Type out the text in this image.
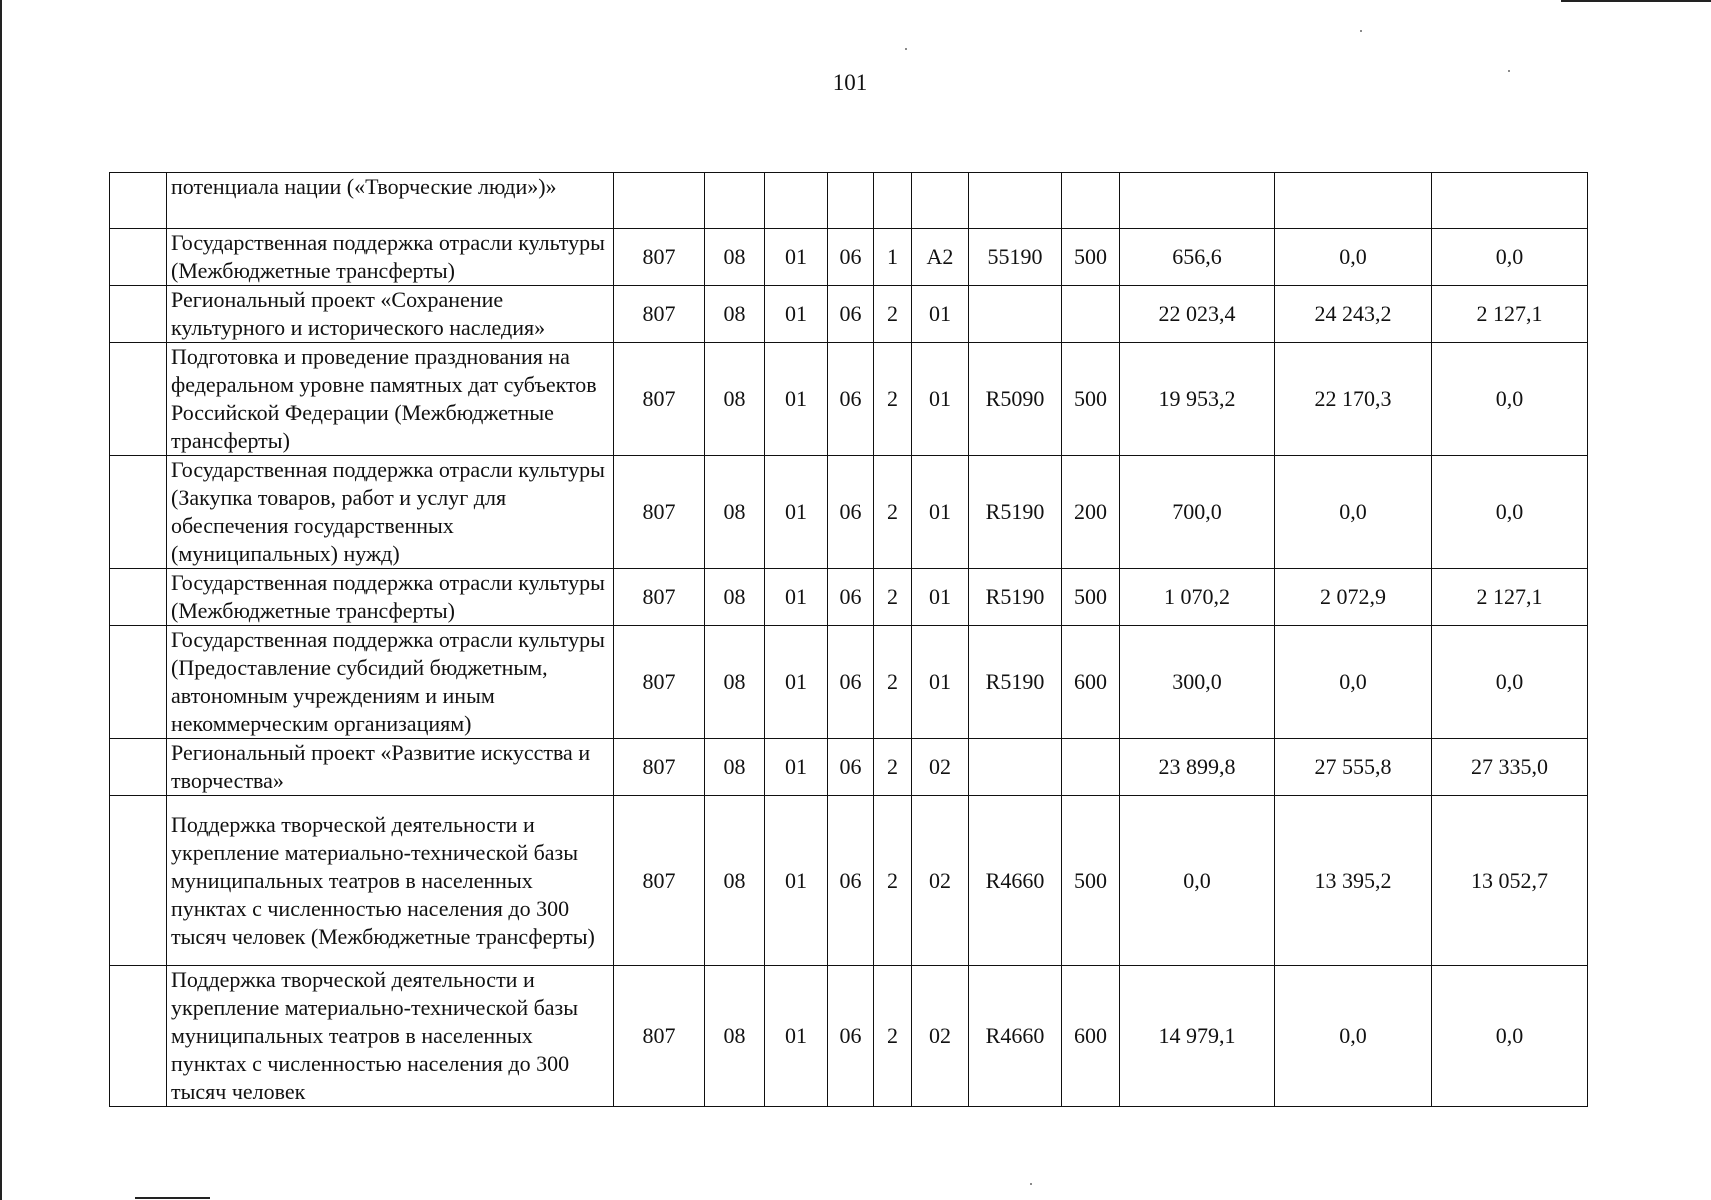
101
	потенциала нации («Творческие люди»)»											
	Государственная поддержка отрасли культуры (Межбюджетные трансферты)	807	08	01	06	1	A2	55190	500	656,6	0,0	0,0
	Региональный проект «Сохранение культурного и исторического наследия»	807	08	01	06	2	01			22 023,4	24 243,2	2 127,1
	Подготовка и проведение празднования на федеральном уровне памятных дат субъектов Российской Федерации (Межбюджетные трансферты)	807	08	01	06	2	01	R5090	500	19 953,2	22 170,3	0,0
	Государственная поддержка отрасли культуры (Закупка товаров, работ и услуг для обеспечения государственных (муниципальных) нужд)	807	08	01	06	2	01	R5190	200	700,0	0,0	0,0
	Государственная поддержка отрасли культуры (Межбюджетные трансферты)	807	08	01	06	2	01	R5190	500	1 070,2	2 072,9	2 127,1
	Государственная поддержка отрасли культуры (Предоставление субсидий бюджетным, автономным учреждениям и иным некоммерческим организациям)	807	08	01	06	2	01	R5190	600	300,0	0,0	0,0
	Региональный проект «Развитие искусства и творчества»	807	08	01	06	2	02			23 899,8	27 555,8	27 335,0
	Поддержка творческой деятельности и укрепление материально-технической базы муниципальных театров в населенных пунктах с численностью населения до 300 тысяч человек (Межбюджетные трансферты)	807	08	01	06	2	02	R4660	500	0,0	13 395,2	13 052,7
	Поддержка творческой деятельности и укрепление материально-технической базы муниципальных театров в населенных пунктах с численностью населения до 300 тысяч человек	807	08	01	06	2	02	R4660	600	14 979,1	0,0	0,0
